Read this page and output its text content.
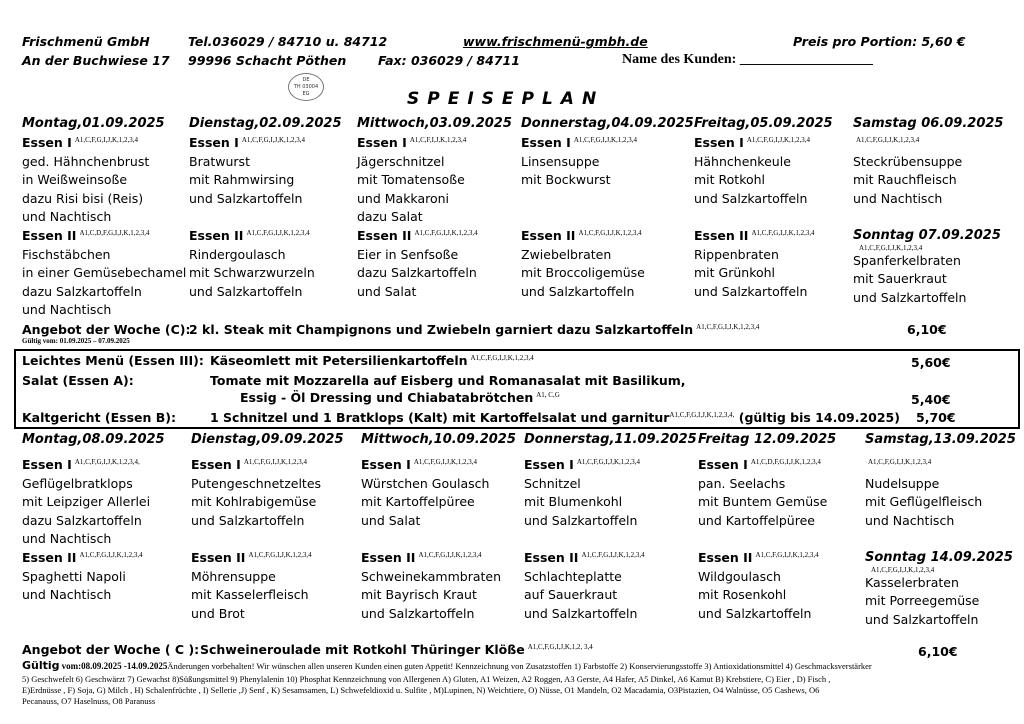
Frischmenü GmbH	Tel.036029 / 84710 u. 84712	www.frischmenü-gmbh.de	Preis pro Portion: 5,60 €
An der Buchwiese 17 99996 Schacht Pöthen	Fax: 036029 / 84711	Name des Kunden: ___________________
DE
TH 03004
EG	SPEISEPLAN
Montag,01.09.2025
Essen I $^{A1,C,F,G,I,J,K,1,2,3,4}$
ged. Hähnchenbrust
in Weißweinsoße
dazu Risi bisi (Reis)
und Nachtisch
Essen II $^{A1,C,D,F,G,I,J,K,1,2,3,4}$
Fischstäbchen
in einer Gemüsebechamel
dazu Salzkartoffeln
und Nachtisch
Dienstag,02.09.2025
Essen I $^{A1,C,F,G,I,J,K,1,2,3,4}$
Bratwurst
mit Rahmwirsing
und Salzkartoffeln
Essen II $^{A1,C,F,G,I,J,K,1,2,3,4}$
Rindergoulasch
mit Schwarzwurzeln
und Salzkartoffeln
Mittwoch,03.09.2025
Essen I $^{A1,C,F,I,J,K,1,2,3,4}$
Jägerschnitzel
mit Tomatensoße
und Makkaroni
dazu Salat
Essen II $^{A1,C,F,G,I,J,K,1,2,3,4}$
Eier in Senfsoße
dazu Salzkartoffeln
und Salat
Donnerstag,04.09.2025
Essen I $^{A1,C,F,G,I,J,K,1,2,3,4}$
Linsensuppe
mit Bockwurst
Essen II $^{A1,C,F,G,I,J,K,1,2,3,4}$
Zwiebelbraten
mit Broccoligemüse
und Salzkartoffeln
Freitag,05.09.2025
Essen I $^{A1,C,F,G,I,J,K,1,2,3,4}$
Hähnchenkeule
mit Rotkohl
und Salzkartoffeln
Essen II $^{A1,C,F,G,I,J,K,1,2,3,4}$
Rippenbraten
mit Grünkohl
und Salzkartoffeln
Samstag 06.09.2025
$^{A1,C,F,G,I,J,K,1,2,3,4}$
Steckrübensuppe
mit Rauchfleisch
und Nachtisch
Sonntag 07.09.2025
A1,C,F,G,I,J,K,1,2,3,4
Spanferkelbraten
mit Sauerkraut
und Salzkartoffeln
Angebot der Woche (C):
2 kl. Steak mit Champignons und Zwiebeln garniert dazu Salzkartoffeln $^{A1,C,F,G,I,J,K,1,2,3,4}$	6,10€
Gültig vom: 01.09.2025 – 07.09.2025
Leichtes Menü (Essen III): Käseomlett mit Petersilienkartoffeln $^{A1,C,F,G,I,J,K,1,2,3,4}$	5,60€
Salat (Essen A):	Tomate mit Mozzarella auf Eisberg und Romanasalat mit Basilikum,
Essig - Öl Dressing und Chiabatabrötchen $^{A1, C,G}$	5,40€
Kaltgericht (Essen B):	1 Schnitzel und 1 Bratklops (Kalt) mit Kartoffelsalat und garnitur$^{A1,C,F,G,I,J,K,1,2,3,4,}$ (gültig bis 14.09.2025) 5,70€
Montag,08.09.2025
Essen I $^{A1,C,F,G,I,J,K,1,2,3,4,}$
Geflügelbratklops
mit Leipziger Allerlei
dazu Salzkartoffeln
und Nachtisch
Essen II $^{A1,C,F,G,I,J,K,1,2,3,4}$
Spaghetti Napoli
und Nachtisch
Dienstag,09.09.2025
Essen I $^{A1,C,F,G,I,J,K,1,2,3,4}$
Putengeschnetzeltes
mit Kohlrabigemüse
und Salzkartoffeln
Essen II $^{A1,C,F,G,I,J,K,1,2,3,4}$
Möhrensuppe
mit Kasselerfleisch
und Brot
Mittwoch,10.09.2025
Essen I $^{A1,C,F,G,I,J,K,1,2,3,4}$
Würstchen Goulasch
mit Kartoffelpüree
und Salat
Essen II $^{A1,C,F,G,I,J,K,1,2,3,4}$
Schweinekammbraten
mit Bayrisch Kraut
und Salzkartoffeln
Donnerstag,11.09.2025
Essen I $^{A1,C,F,G,I,J,K,1,2,3,4}$
Schnitzel
mit Blumenkohl
und Salzkartoffeln
Essen II $^{A1,C,F,G,I,J,K,1,2,3,4}$
Schlachteplatte
auf Sauerkraut
und Salzkartoffeln
Freitag 12.09.2025
Essen I $^{A1,C,D,F,G,I,J,K,1,2,3,4}$
pan. Seelachs
mit Buntem Gemüse
und Kartoffelpüree
Essen II $^{A1,C,F,G,I,J,K,1,2,3,4}$
Wildgoulasch
mit Rosenkohl
und Salzkartoffeln
Samstag,13.09.2025
$^{A1,C,F,G,I,J,K,1,2,3,4}$
Nudelsuppe
mit Geflügelfleisch
und Nachtisch
Sonntag 14.09.2025
A1,C,F,G,I,J,K,1,2,3,4
Kasselerbraten
mit Porreegemüse
und Salzkartoffeln
Angebot der Woche ( C ): Schweineroulade mit Rotkohl Thüringer Klöße $^{A1,C,F,G,I,J,K,1,2, 3,4}$	6,10€
Gültig vom:08.09.2025 -14.09.2025Änderungen vorbehalten! Wir wünschen allen unseren Kunden einen guten Appetit! Kennzeichnung von Zusatzstoffen 1) Farbstoffe 2) Konservierungsstoffe 3) Antioxidationsmittel 4) Geschmacksverstärker
5) Geschwefelt 6) Geschwärzt 7) Gewachst 8)Süßungsmittel 9) Phenylalenin 10) Phosphat Kennzeichnung von Allergenen A) Gluten, A1 Weizen, A2 Roggen, A3 Gerste, A4 Hafer, A5 Dinkel, A6 Kamut B) Krebstiere, C) Eier , D) Fisch ,
E)Erdnüsse , F) Soja, G) Milch , H) Schalenfrüchte , I) Sellerie ,J) Senf , K) Sesamsamen, L) Schwefeldioxid u. Sulfite , M)Lupinen, N) Weichtiere, O) Nüsse, O1 Mandeln, O2 Macadamia, O3Pistazien, O4 Walnüsse, O5 Cashews, O6
Pecanauss, O7 Haselnuss, O8 Paranuss
